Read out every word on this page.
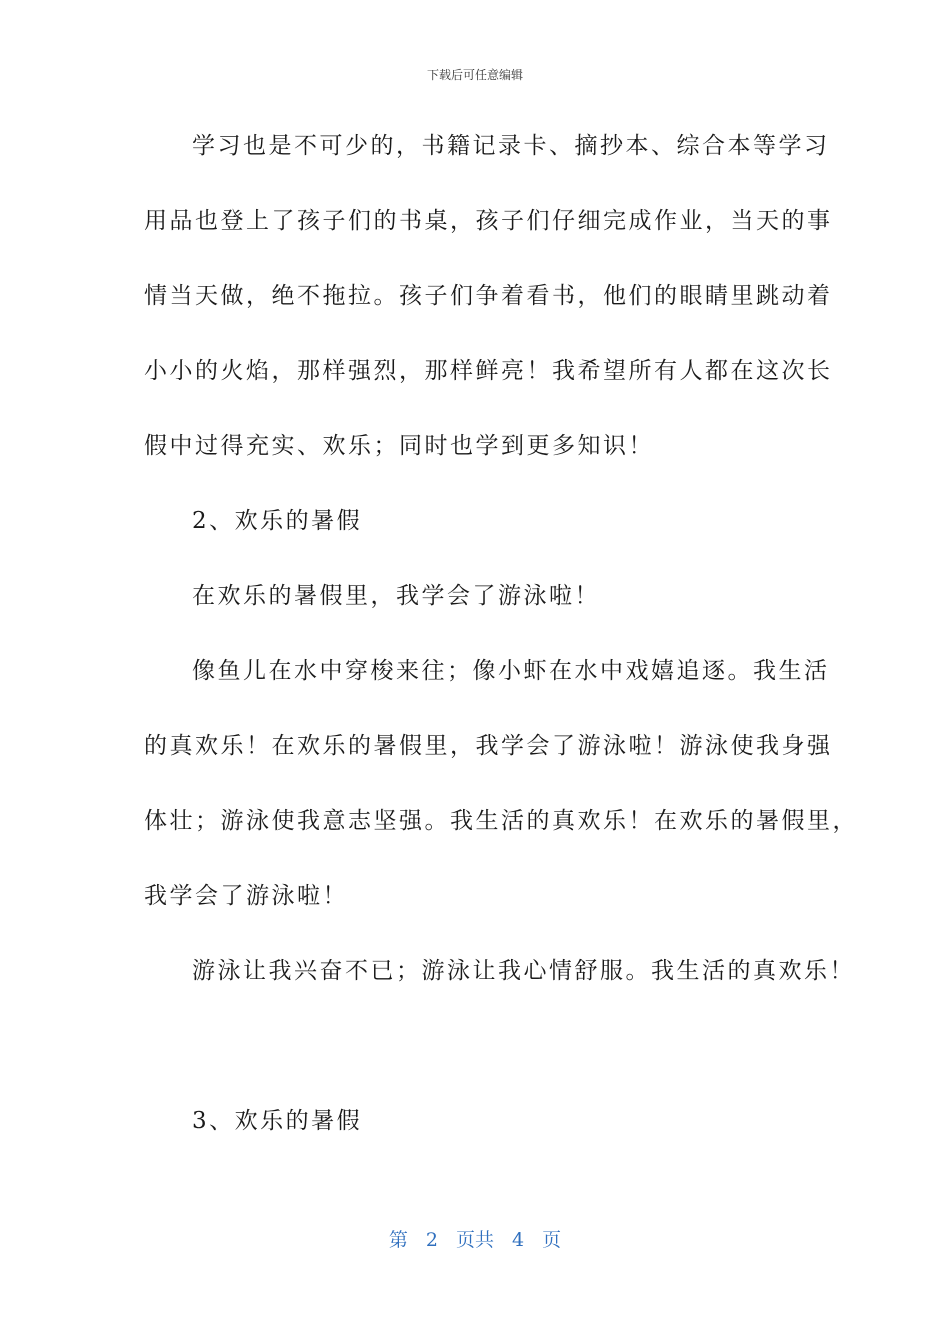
下载后可任意编辑
学习也是不可少的，书籍记录卡、摘抄本、综合本等学习
用品也登上了孩子们的书桌，孩子们仔细完成作业，当天的事
情当天做，绝不拖拉。孩子们争着看书，他们的眼睛里跳动着
小小的火焰，那样强烈，那样鲜亮！我希望所有人都在这次长
假中过得充实、欢乐；同时也学到更多知识！
2、欢乐的暑假
在欢乐的暑假里，我学会了游泳啦！
像鱼儿在水中穿梭来往；像小虾在水中戏嬉追逐。我生活
的真欢乐！在欢乐的暑假里，我学会了游泳啦！游泳使我身强
体壮；游泳使我意志坚强。我生活的真欢乐！在欢乐的暑假里，
我学会了游泳啦！
游泳让我兴奋不已；游泳让我心情舒服。我生活的真欢乐！
3、欢乐的暑假
第 2 页共 4 页
